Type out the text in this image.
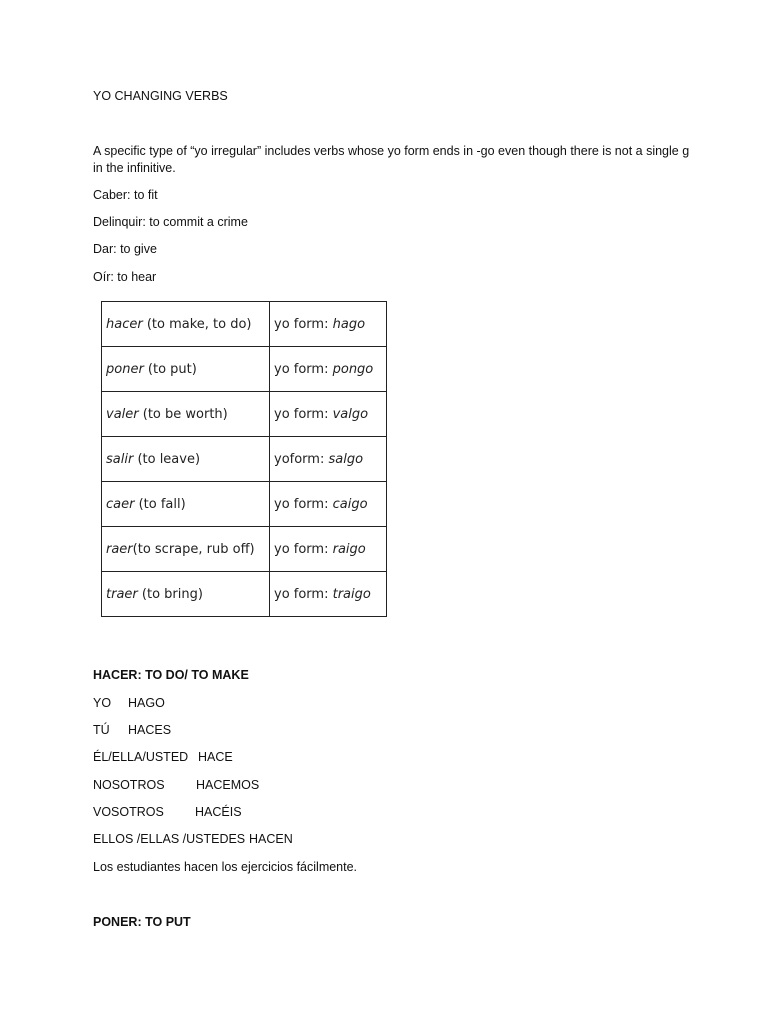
YO CHANGING VERBS
A specific type of “yo irregular” includes verbs whose yo form ends in -go even though there is not a single g in the infinitive.
Caber: to fit
Delinquir: to commit a crime
Dar: to give
Oír: to hear
hacer (to make, to do)	yo form: hago
poner (to put)	yo form: pongo
valer (to be worth)	yo form: valgo
salir (to leave)	yoform: salgo
caer (to fall)	yo form: caigo
raer(to scrape, rub off)	yo form: raigo
traer (to bring)	yo form: traigo
HACER: TO DO/ TO MAKE
YO HAGO
TÚ HACES
ÉL/ELLA/USTED HACE
NOSOTROS	HACEMOS
VOSOTROS HACÉIS
ELLOS /ELLAS /USTEDES HACEN
Los estudiantes hacen los ejercicios fácilmente.
PONER: TO PUT
